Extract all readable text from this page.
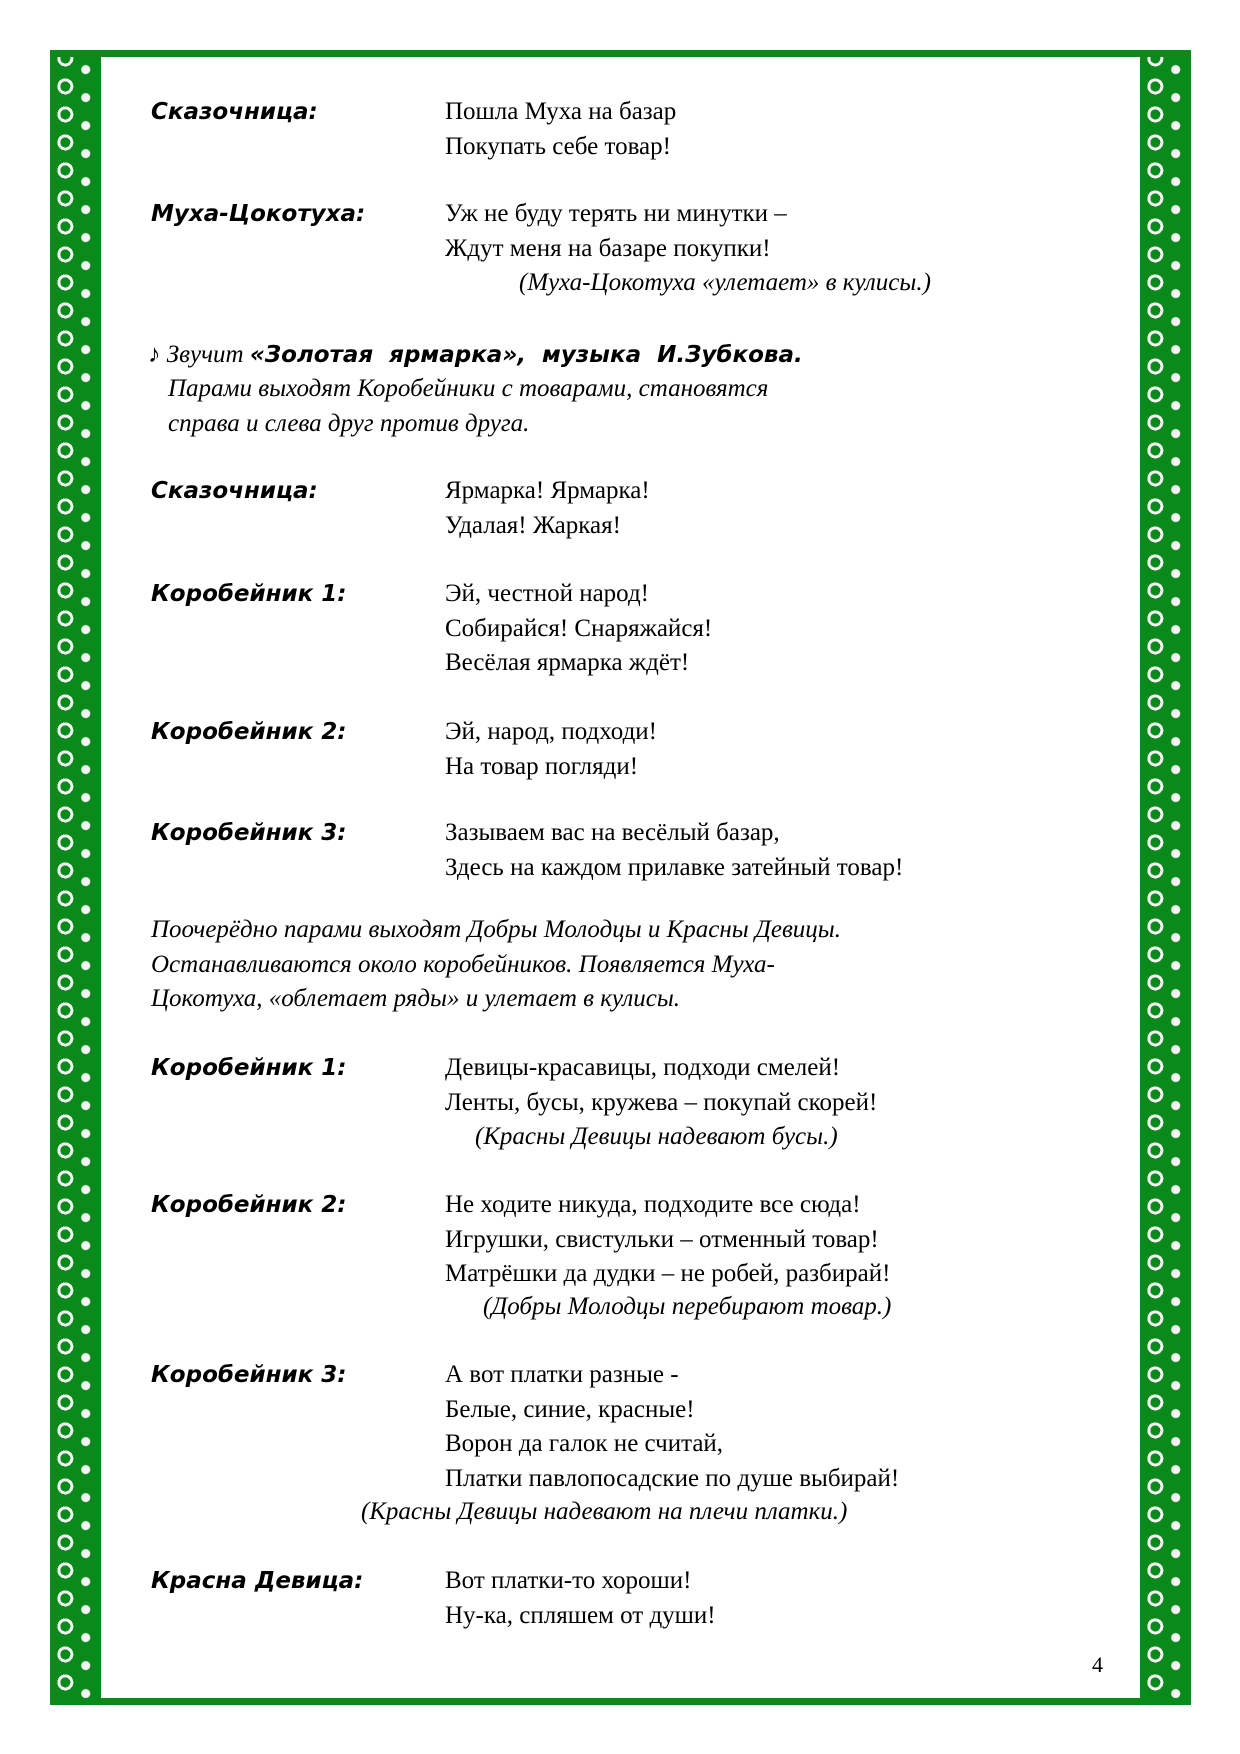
Сказочница:	Пошла Муха на базар
Покупать себе товар!
Муха-Цокотуха:	Уж не буду терять ни минутки –
Ждут меня на базаре покупки!
(Муха-Цокотуха «улетает» в кулисы.)
♪ Звучит «Золотая ярмарка», музыка И.Зубкова.
Парами выходят Коробейники с товарами, становятся
справа и слева друг против друга.
Сказочница:	Ярмарка! Ярмарка!
Удалая! Жаркая!
Коробейник 1:	Эй, честной народ!
Собирайся! Снаряжайся!
Весёлая ярмарка ждёт!
Коробейник 2:	Эй, народ, подходи!
На товар погляди!
Коробейник 3:	Зазываем вас на весёлый базар,
Здесь на каждом прилавке затейный товар!
Поочерёдно парами выходят Добры Молодцы и Красны Девицы.
Останавливаются около коробейников. Появляется Муха-
Цокотуха, «облетает ряды» и улетает в кулисы.
Коробейник 1:	Девицы-красавицы, подходи смелей!
Ленты, бусы, кружева – покупай скорей!
(Красны Девицы надевают бусы.)
Коробейник 2:	Не ходите никуда, подходите все сюда!
Игрушки, свистульки – отменный товар!
Матрёшки да дудки – не робей, разбирай!
(Добры Молодцы перебирают товар.)
Коробейник 3:	А вот платки разные -
Белые, синие, красные!
Ворон да галок не считай,
Платки павлопосадские по душе выбирай!
(Красны Девицы надевают на плечи платки.)
Красна Девица:	Вот платки-то хороши!
Ну-ка, спляшем от души!
4
